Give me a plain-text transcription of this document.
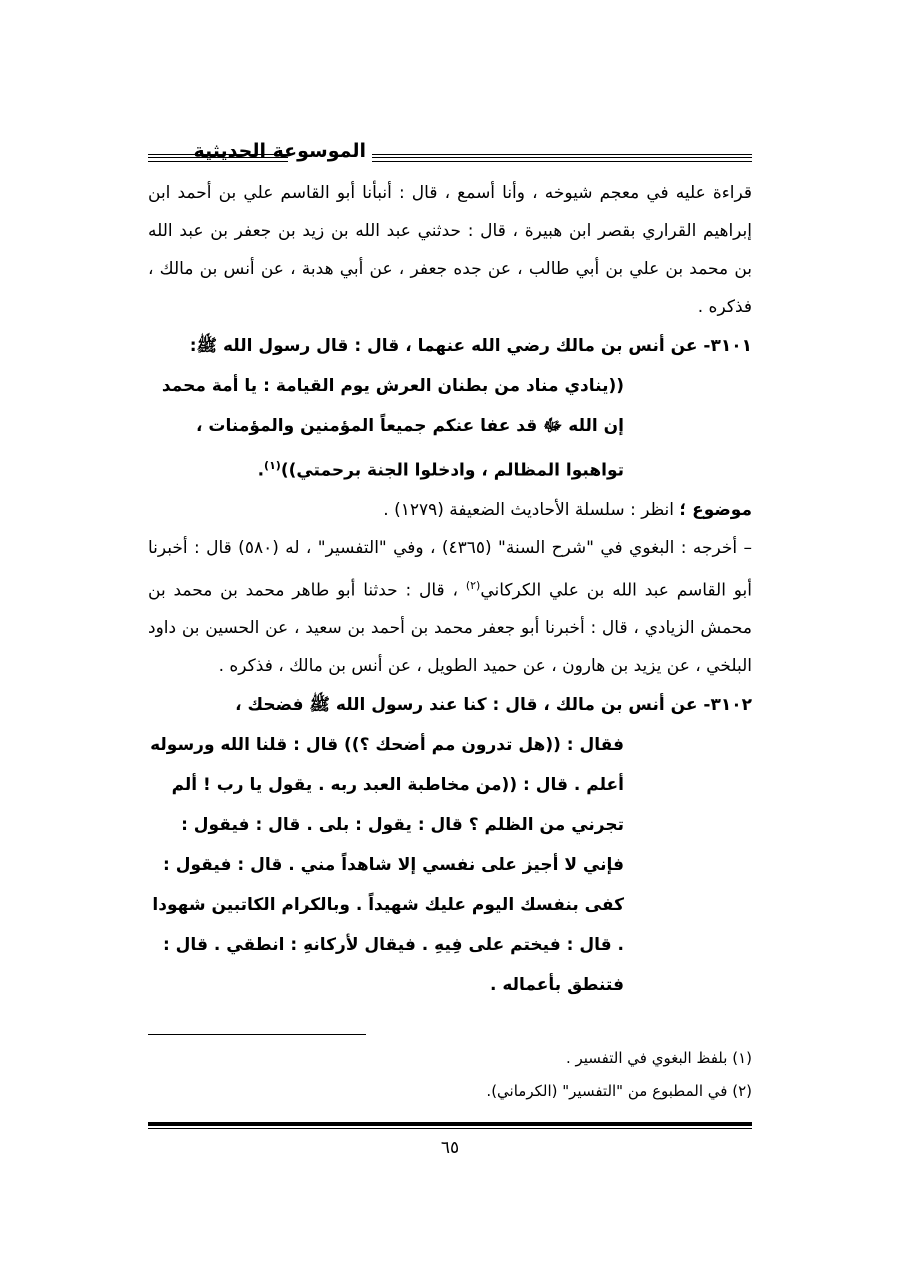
الموسوعة الحديثية

قراءة عليه في معجم شيوخه ، وأنا أسمع ، قال : أنبأنا أبو القاسم علي بن أحمد ابن إبراهيم القراري بقصر ابن هبيرة ، قال : حدثني عبد الله بن زيد بن جعفر بن عبد الله بن محمد بن علي بن أبي طالب ، عن جده جعفر ، عن أبي هدبة ، عن أنس بن مالك ، فذكره .

٣١٠١- عن أنس بن مالك رضي الله عنهما ، قال : قال رسول الله ﷺ:
((ينادي مناد من بطنان العرش يوم القيامة : يا أمة محمد إن الله ﷻ قد عفا عنكم جميعاً المؤمنين والمؤمنات ، تواهبوا المظالم ، وادخلوا الجنة برحمتي))$^{(١)}$.

موضوع ؛ انظر : سلسلة الأحاديث الضعيفة (١٢٧٩) .

– أخرجه : البغوي في "شرح السنة" (٤٣٦٥) ، وفي "التفسير" ، له (٥٨٠) قال : أخبرنا أبو القاسم عبد الله بن علي الكركاني$^{(٢)}$ ، قال : حدثنا أبو طاهر محمد بن محمد بن محمش الزيادي ، قال : أخبرنا أبو جعفر محمد بن أحمد بن سعيد ، عن الحسين بن داود البلخي ، عن يزيد بن هارون ، عن حميد الطويل ، عن أنس بن مالك ، فذكره .

٣١٠٢- عن أنس بن مالك ، قال : كنا عند رسول الله ﷺ فضحك ،
فقال : ((هل تدرون مم أضحك ؟)) قال : قلنا الله ورسوله أعلم . قال : ((من مخاطبة العبد ربه . يقول يا رب ! ألم تجرني من الظلم ؟ قال : يقول : بلى . قال : فيقول : فإني لا أجيز على نفسي إلا شاهداً مني . قال : فيقول : كفى بنفسك اليوم عليك شهيداً . وبالكرام الكاتبين شهودا . قال : فيختم على فِيهِ . فيقال لأركانهِ : انطقي . قال : فتنطق بأعماله .

(١) بلفظ البغوي في التفسير .
(٢) في المطبوع من "التفسير" (الكرماني).
٦٥
